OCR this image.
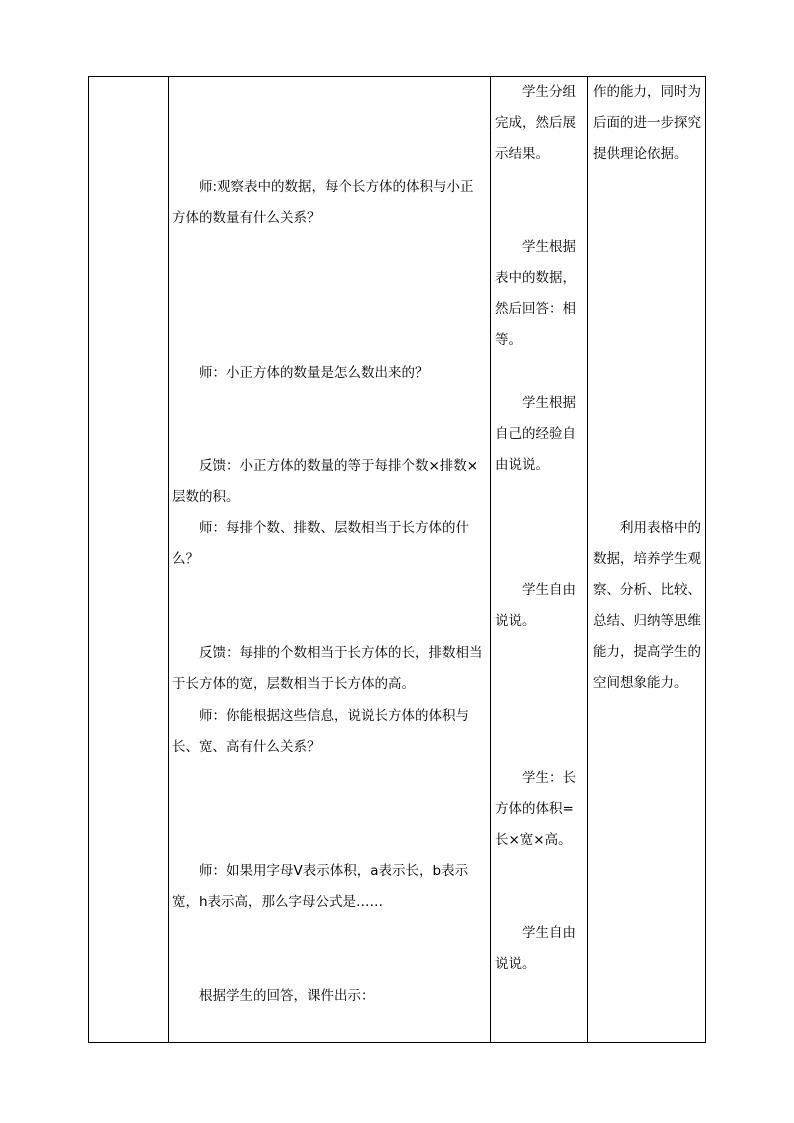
　　师:观察表中的数据，每个长方体的体积与小正方体的数量有什么关系？

　　师：小正方体的数量是怎么数出来的？

　　反馈：小正方体的数量的等于每排个数×排数×层数的积。

　　师：每排个数、排数、层数相当于长方体的什么？

　　反馈：每排的个数相当于长方体的长，排数相当于长方体的宽，层数相当于长方体的高。

　　师：你能根据这些信息，说说长方体的体积与长、宽、高有什么关系？

　　师：如果用字母V表示体积，a表示长，b表示宽，h表示高，那么字母公式是……

　　根据学生的回答，课件出示：

　　学生分组完成，然后展示结果。

　　学生根据表中的数据，然后回答：相等。

　　学生根据自己的经验自由说说。

　　学生自由说说。

　　学生：长方体的体积=长×宽×高。

　　学生自由说说。

作的能力，同时为后面的进一步探究提供理论依据。

　　利用表格中的数据，培养学生观察、分析、比较、总结、归纳等思维能力，提高学生的空间想象能力。
